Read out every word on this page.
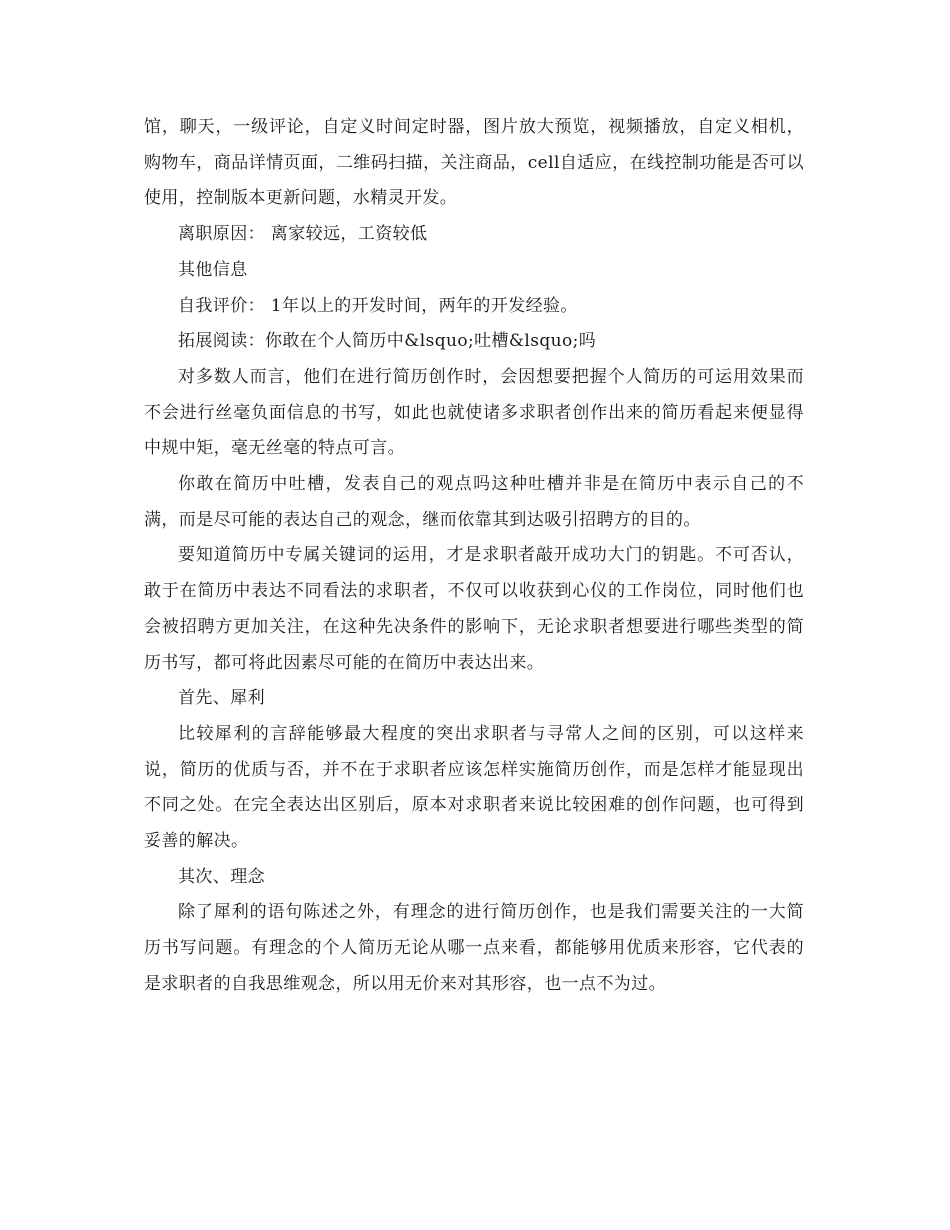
馆，聊天，一级评论，自定义时间定时器，图片放大预览，视频播放，自定义相机，购物车，商品详情页面，二维码扫描，关注商品，cell自适应，在线控制功能是否可以使用，控制版本更新问题，水精灵开发。

离职原因： 离家较远，工资较低

其他信息

自我评价： 1年以上的开发时间，两年的开发经验。

拓展阅读：你敢在个人简历中&lsquo;吐槽&lsquo;吗

对多数人而言，他们在进行简历创作时，会因想要把握个人简历的可运用效果而不会进行丝毫负面信息的书写，如此也就使诸多求职者创作出来的简历看起来便显得中规中矩，毫无丝毫的特点可言。

你敢在简历中吐槽，发表自己的观点吗这种吐槽并非是在简历中表示自己的不满，而是尽可能的表达自己的观念，继而依靠其到达吸引招聘方的目的。

要知道简历中专属关键词的运用，才是求职者敲开成功大门的钥匙。不可否认，敢于在简历中表达不同看法的求职者，不仅可以收获到心仪的工作岗位，同时他们也会被招聘方更加关注，在这种先决条件的影响下，无论求职者想要进行哪些类型的简历书写，都可将此因素尽可能的在简历中表达出来。

首先、犀利

比较犀利的言辞能够最大程度的突出求职者与寻常人之间的区别，可以这样来说，简历的优质与否，并不在于求职者应该怎样实施简历创作，而是怎样才能显现出不同之处。在完全表达出区别后，原本对求职者来说比较困难的创作问题，也可得到妥善的解决。

其次、理念

除了犀利的语句陈述之外，有理念的进行简历创作，也是我们需要关注的一大简历书写问题。有理念的个人简历无论从哪一点来看，都能够用优质来形容，它代表的是求职者的自我思维观念，所以用无价来对其形容，也一点不为过。
